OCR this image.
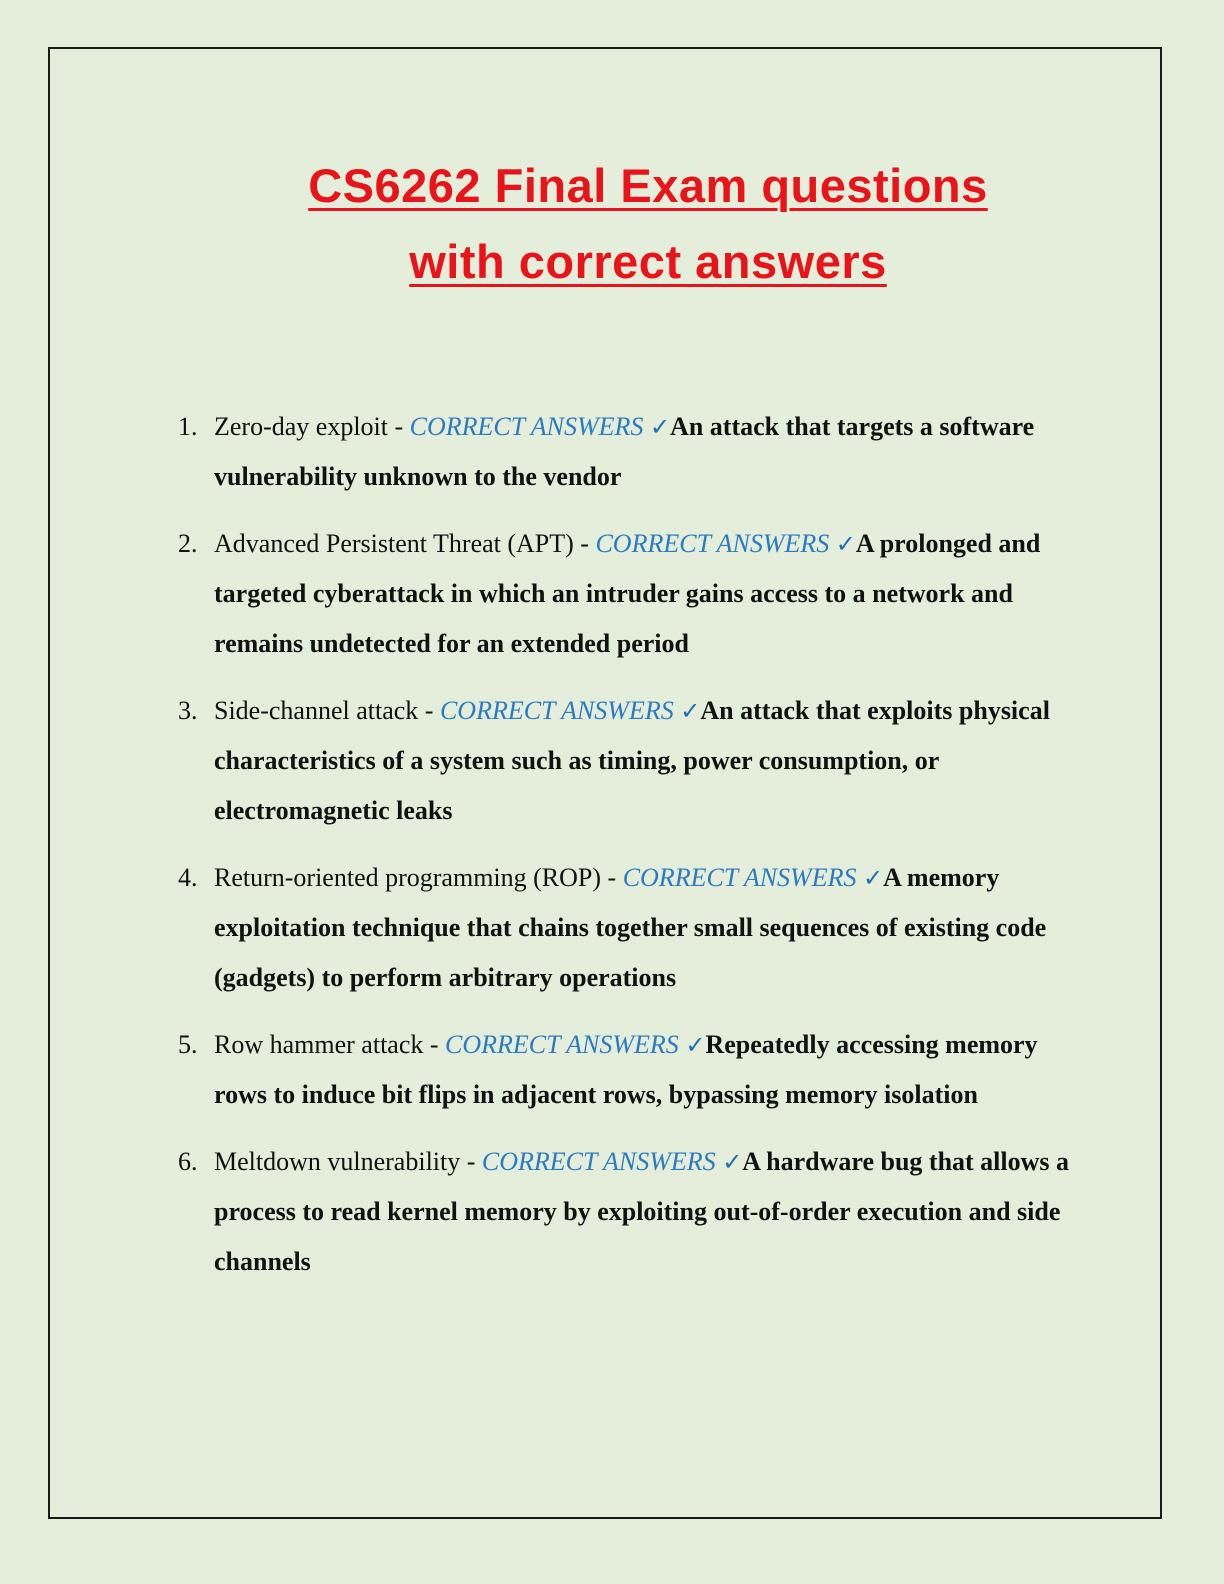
CS6262 Final Exam questions
with correct answers
1. Zero-day exploit - CORRECT ANSWERS ✓An attack that targets a software vulnerability unknown to the vendor
2. Advanced Persistent Threat (APT) - CORRECT ANSWERS ✓A prolonged and targeted cyberattack in which an intruder gains access to a network and remains undetected for an extended period
3. Side-channel attack - CORRECT ANSWERS ✓An attack that exploits physical characteristics of a system such as timing, power consumption, or electromagnetic leaks
4. Return-oriented programming (ROP) - CORRECT ANSWERS ✓A memory exploitation technique that chains together small sequences of existing code (gadgets) to perform arbitrary operations
5. Row hammer attack - CORRECT ANSWERS ✓Repeatedly accessing memory rows to induce bit flips in adjacent rows, bypassing memory isolation
6. Meltdown vulnerability - CORRECT ANSWERS ✓A hardware bug that allows a process to read kernel memory by exploiting out-of-order execution and side channels
